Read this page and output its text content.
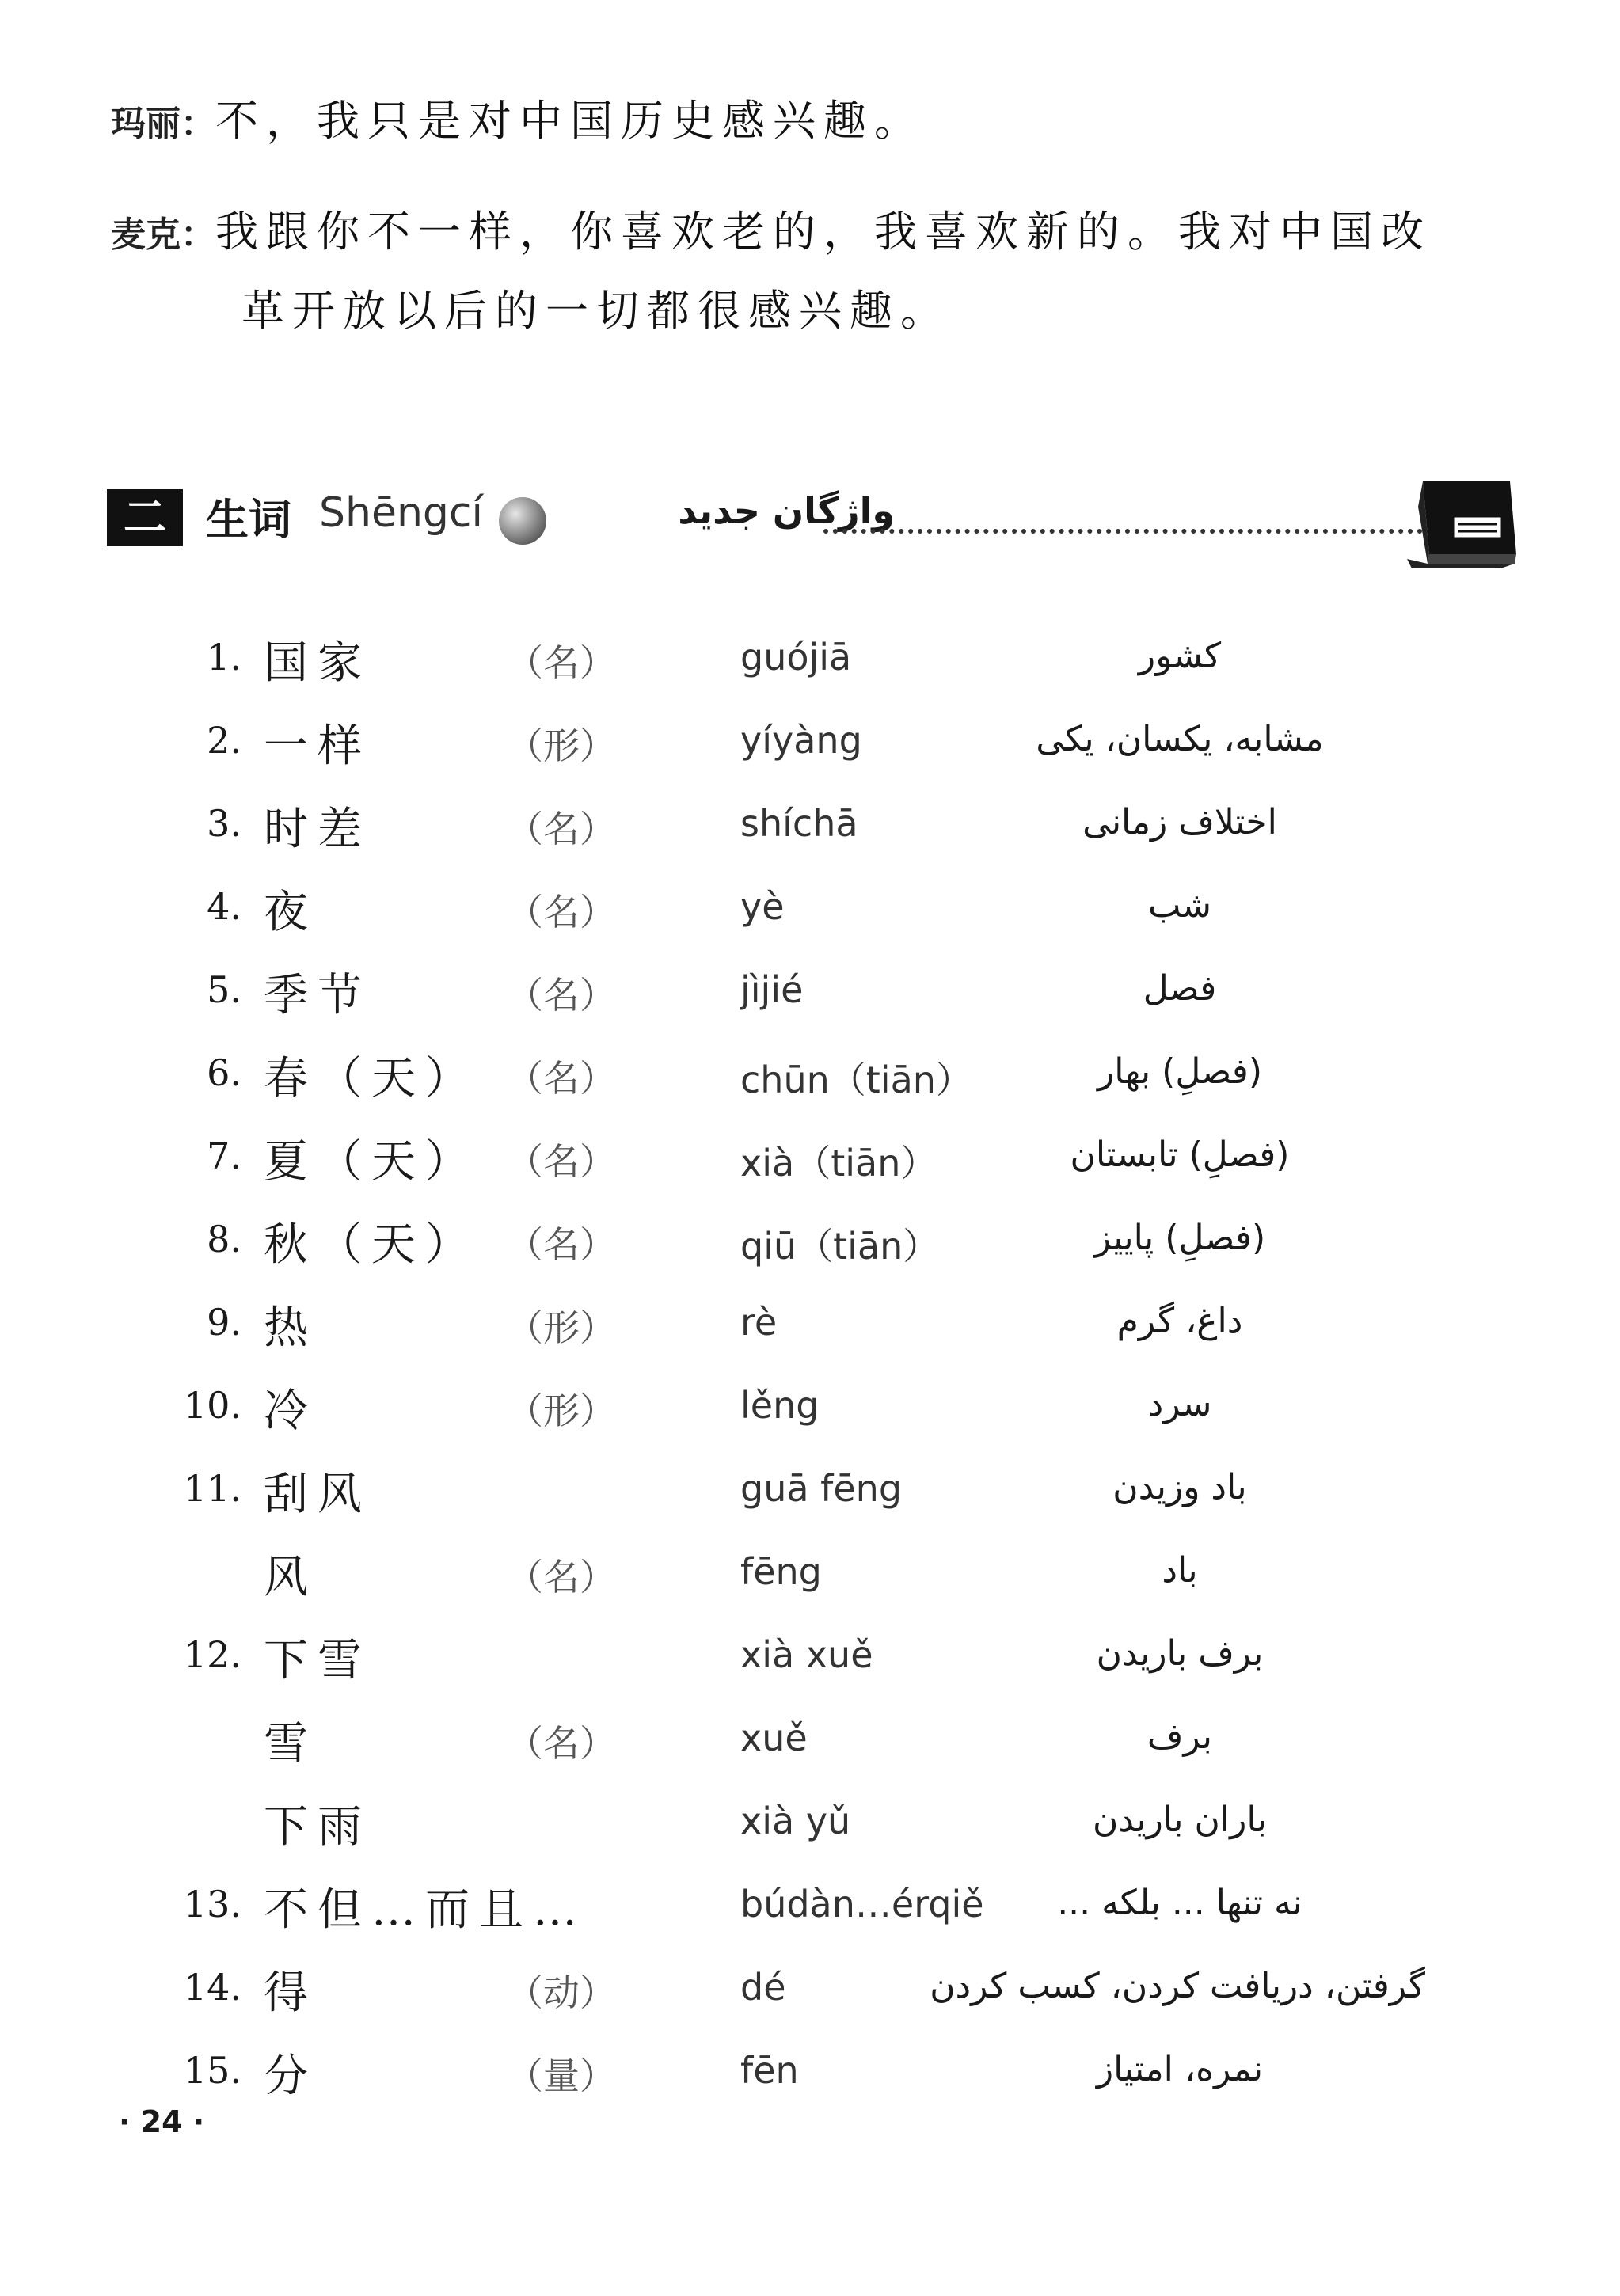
玛丽： 不，我只是对中国历史感兴趣。
麦克： 我跟你不一样，你喜欢老的，我喜欢新的。我对中国改
革开放以后的一切都很感兴趣。
二 生词 Shēngcí	واژگان جدید
1. 国家	（名）	guójiā	کشور
2. 一样	（形）	yíyàng	مشابه، یکسان، یکی
3. 时差	（名）	shíchā	اختلاف زمانی
4. 夜	（名）	yè	شب
5. 季节	（名）	jìjié	فصل
6. 春（天） （名）	chūn（tiān）	(فصلِ) بهار
7. 夏（天） （名）	xià（tiān）	(فصلِ) تابستان
8. 秋（天） （名）	qiū（tiān）	(فصلِ) پاییز
9. 热	（形）	rè	داغ، گرم
10. 冷	（形）	lěng	سرد
11. 刮风	guā fēng	باد وزیدن
风	（名）	fēng	باد
12. 下雪	xià xuě	برف باریدن
雪	（名）	xuě	برف
下雨	xià yǔ	باران باریدن
13. 不但…而且…	búdàn…érqiě	نه تنها ... بلکه ...
14. 得	（动）	dé	گرفتن، دریافت کردن، کسب کردن
15. 分	（量）	fēn	نمره، امتیاز
· 24 ·
